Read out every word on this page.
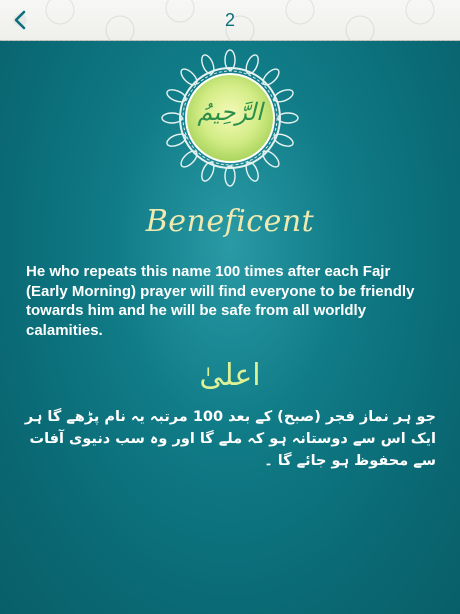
2
الرَّحِيمُ
Beneficent
He who repeats this name 100 times after each Fajr (Early Morning) prayer will find everyone to be friendly towards him and he will be safe from all worldly calamities.
اعلیٰ
جو ہر نماز فجر (صبح) کے بعد 100 مرتبہ یہ نام پڑھے گا ہر ایک اس سے دوستانہ ہو کہ ملے گا اور وہ سب دنیوی آفات سے محفوظ ہو جائے گا ۔
